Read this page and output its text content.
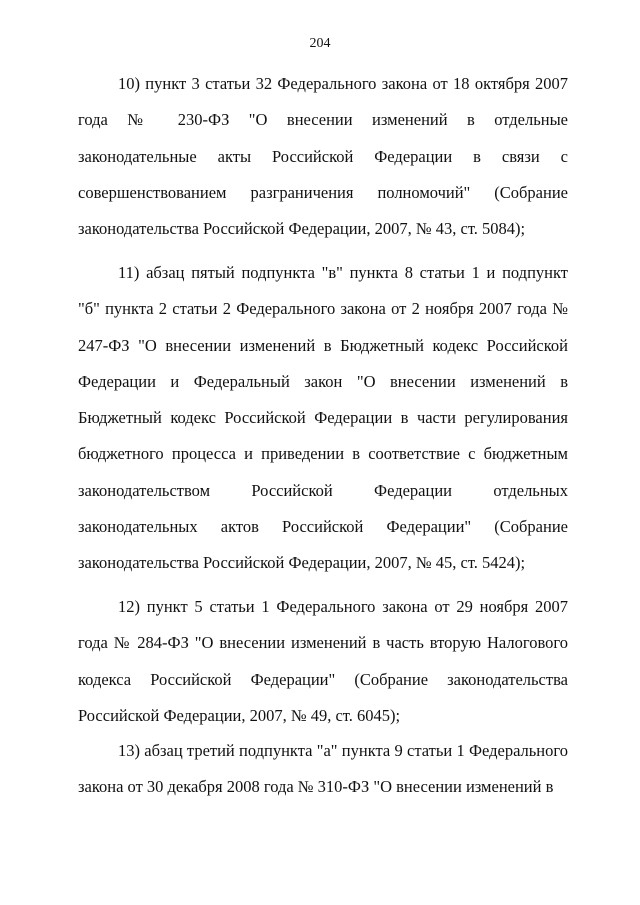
204

10) пункт 3 статьи 32 Федерального закона от 18 октября 2007 года № 230-ФЗ "О внесении изменений в отдельные законодательные акты Российской Федерации в связи с совершенствованием разграничения полномочий" (Собрание законодательства Российской Федерации, 2007, № 43, ст. 5084);

11) абзац пятый подпункта "в" пункта 8 статьи 1 и подпункт "б" пункта 2 статьи 2 Федерального закона от 2 ноября 2007 года № 247-ФЗ "О внесении изменений в Бюджетный кодекс Российской Федерации и Федеральный закон "О внесении изменений в Бюджетный кодекс Российской Федерации в части регулирования бюджетного процесса и приведении в соответствие с бюджетным законодательством Российской Федерации отдельных законодательных актов Российской Федерации" (Собрание законодательства Российской Федерации, 2007, № 45, ст. 5424);

12) пункт 5 статьи 1 Федерального закона от 29 ноября 2007 года № 284-ФЗ "О внесении изменений в часть вторую Налогового кодекса Российской Федерации" (Собрание законодательства Российской Федерации, 2007, № 49, ст. 6045);

13) абзац третий подпункта "а" пункта 9 статьи 1 Федерального закона от 30 декабря 2008 года № 310-ФЗ "О внесении изменений в
